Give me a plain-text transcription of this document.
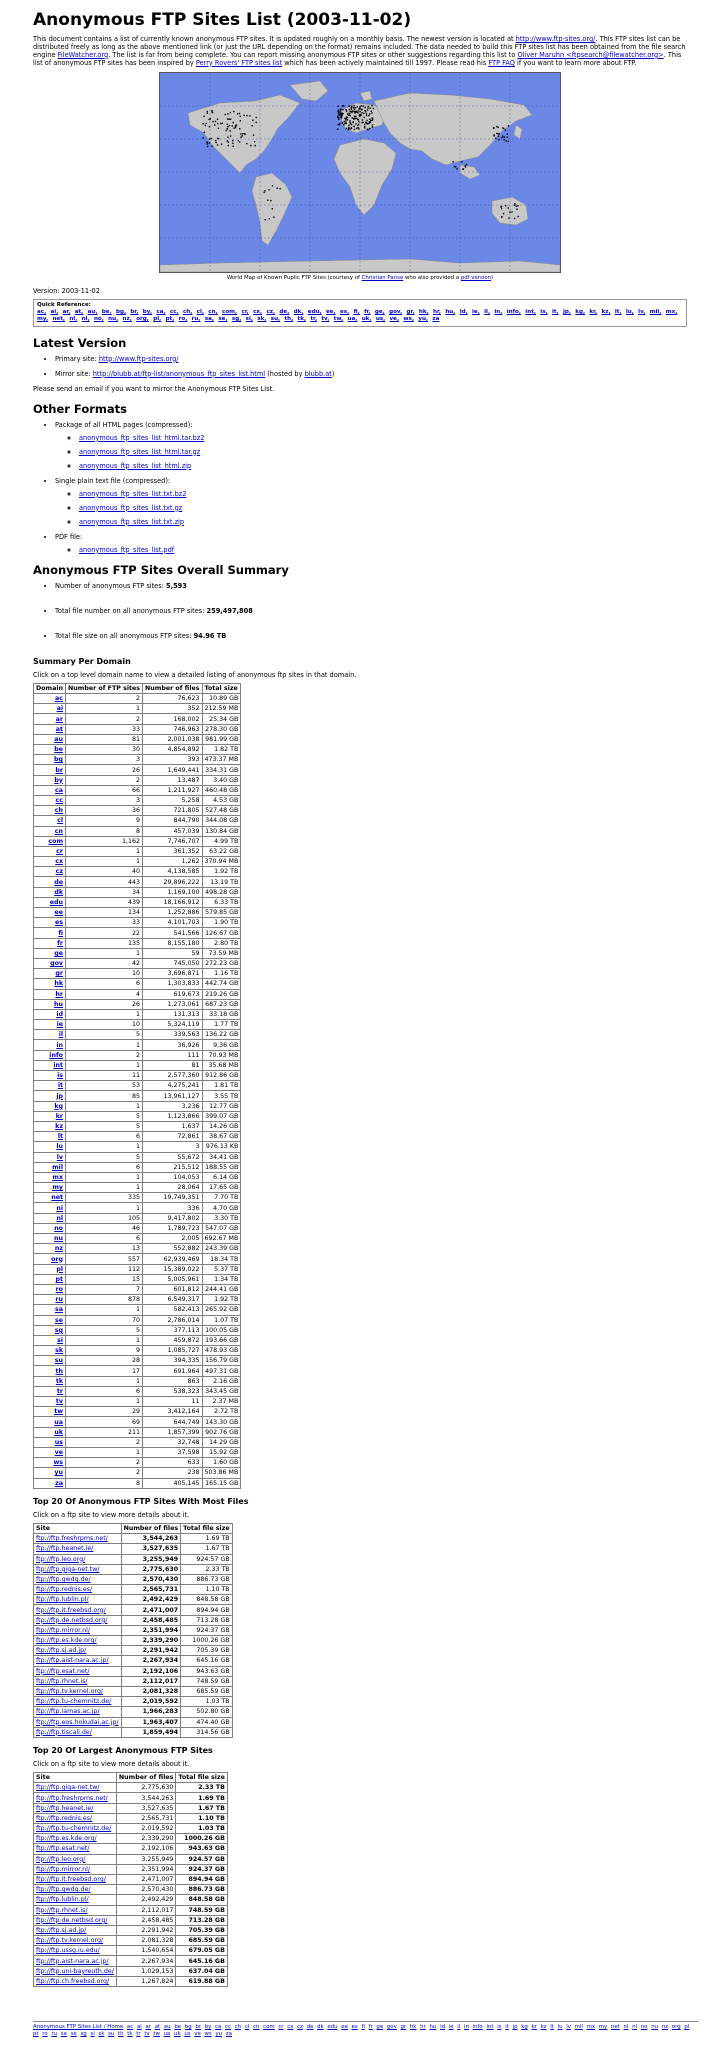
Anonymous FTP Sites List (2003-11-02)

This document contains a list of currently known anonymous FTP sites. It is updated roughly on a monthly basis. The newest version is located at http://www.ftp-sites.org/. This FTP sites list can be distributed freely as long as the above mentioned link (or just the URL depending on the format) remains included. The data needed to build this FTP sites list has been obtained from the file search engine FileWatcher.org. The list is far from being complete. You can report missing anonymous FTP sites or other suggestions regarding this list to Oliver Maruhn <ftpsearch@filewatcher.org>. This list of anonymous FTP sites has been inspired by Perry Rovers' FTP sites list which has been actively maintained till 1997. Please read his FTP FAQ if you want to learn more about FTP.

World Map of Known Puplic FTP Sites (courtesy of Christian Panse who also provided a pdf version)
Version: 2003-11-02
Quick Reference:
ac, ai, ar, at, au, be, bg, br, by, ca, cc, ch, cl, cn, com, cr, cx, cz, de, dk, edu, ee, es, fi, fr, ge, gov, gr, hk, hr, hu, id, ie, il, in, info, int, is, it, jp, kg, kr, kz, lt, lu, lv, mil, mx, my, net, nl, nl, no, nu, nz, org, pl, pt, ro, ru, sa, se, sg, si, sk, su, th, tk, tr, tv, tw, ua, uk, us, ve, ws, yu, za
Latest Version
• Primary site: http://www.ftp-sites.org/
• Mirror site: http://blubb.at/ftp-list/anonymous_ftp_sites_list.html (hosted by blubb.at)

Please send an email if you want to mirror the Anonymous FTP Sites List.

Other Formats
• Package of all HTML pages (compressed):
◦ anonymous_ftp_sites_list_html.tar.bz2
◦ anonymous_ftp_sites_list_html.tar.gz
◦ anonymous_ftp_sites_list_html.zip
• Single plain text file (compressed):
◦ anonymous_ftp_sites_list.txt.bz2
◦ anonymous_ftp_sites_list.txt.gz
◦ anonymous_ftp_sites_list.txt.zip
• PDF file:
◦ anonymous_ftp_sites_list.pdf
Anonymous FTP Sites Overall Summary
• Number of anonymous FTP sites: 5,593
• Total file number on all anonymous FTP sites: 259,497,808
• Total file size on all anonymous FTP sites: 94.96 TB
Summary Per Domain

Click on a top level domain name to view a detailed listing of anonymous ftp sites in that domain.

Domain	Number of FTP sites	Number of files	Total size
ac	2	76,623	10.89 GB
ai	1	352	212.59 MB
ar	2	168,002	25.34 GB
at	33	746,963	278.30 GB
au	81	2,001,038	981.99 GB
be	30	4,854,892	1.82 TB
bg	3	393	473.37 MB
br	26	1,649,441	334.31 GB
by	2	13,487	3.40 GB
ca	66	1,211,927	460.48 GB
cc	3	5,258	4.53 GB
ch	36	721,805	527.48 GB
cl	9	844,790	344.08 GB
cn	8	457,039	130.84 GB
com	1,162	7,746,707	4.99 TB
cr	1	361,352	63.22 GB
cx	1	1,262	370.94 MB
cz	40	4,138,585	1.92 TB
de	443	29,896,222	13.19 TB
dk	34	1,169,100	498.28 GB
edu	439	18,166,912	6.33 TB
ee	134	1,252,886	579.85 GB
es	33	4,101,703	1.90 TB
fi	22	541,566	126.67 GB
fr	135	8,155,180	2.80 TB
ge	1	59	73.59 MB
gov	42	745,050	272.23 GB
gr	10	3,696,871	1.16 TB
hk	6	1,303,833	442.74 GB
hr	4	619,673	219.26 GB
hu	26	1,273,061	687.23 GB
id	1	131,313	33.18 GB
ie	10	5,324,119	1.77 TB
il	5	339,563	136.22 GB
in	1	36,926	9.36 GB
info	2	111	70.93 MB
int	1	81	35.68 MB
is	11	2,577,360	912.86 GB
it	53	4,275,241	1.81 TB
jp	85	13,961,127	3.55 TB
kg	1	3,236	12.77 GB
kr	5	1,123,866	399.07 GB
kz	5	1,637	14.26 GB
lt	6	72,861	38.67 GB
lu	1	3	976.13 KB
lv	5	55,672	34.41 GB
mil	6	215,512	188.55 GB
mx	1	104,053	6.14 GB
my	1	28,064	17.65 GB
net	335	19,749,351	7.70 TB
ni	1	336	4.70 GB
nl	105	9,417,802	3.30 TB
no	46	1,789,723	547.07 GB
nu	6	2,005	692.67 MB
nz	13	552,882	243.39 GB
org	557	62,939,469	18.34 TB
pl	112	15,389,022	5.37 TB
pt	15	5,005,961	1.34 TB
ro	7	601,812	244.41 GB
ru	878	6,549,317	1.92 TB
sa	1	582,413	265.92 GB
se	70	2,786,014	1.07 TB
sg	5	377,113	100.05 GB
si	1	459,872	193.66 GB
sk	9	1,085,727	478.93 GB
su	28	394,335	156.79 GB
th	17	691,964	497.31 GB
tk	1	863	2.16 GB
tr	6	538,323	343.45 GB
tv	1	11	2.37 MB
tw	29	3,412,164	2.72 TB
ua	69	644,749	143.30 GB
uk	211	1,857,399	902.76 GB
us	2	32,748	14.29 GB
ve	1	37,598	15.92 GB
ws	2	633	1.60 GB
yu	2	238	503.86 MB
za	8	405,145	165.15 GB
Top 20 Of Anonymous FTP Sites With Most Files

Click on a ftp site to view more details about it.

Site	Number of files	Total file size
ftp://ftp.freshrpms.net/	3,544,263	1.69 TB
ftp://ftp.heanet.ie/	3,527,635	1.67 TB
ftp://ftp.leo.org/	3,255,949	924.57 GB
ftp://ftp.giga-net.tw/	2,775,630	2.33 TB
ftp://ftp.gwdg.de/	2,570,430	886.73 GB
ftp://ftp.rednis.es/	2,565,731	1.10 TB
ftp://ftp.lublin.pl/	2,492,429	848.58 GB
ftp://ftp.it.freebsd.org/	2,471,007	894.94 GB
ftp://ftp.de.netbsd.org/	2,458,485	713.28 GB
ftp://ftp.mirror.nl/	2,351,994	924.37 GB
ftp://ftp.es.kde.org/	2,339,290	1000.26 GB
ftp://ftp.sj.ad.jp/	2,291,942	705.39 GB
ftp://ftp.aist-nara.ac.jp/	2,267,934	645.16 GB
ftp://ftp.esat.net/	2,192,106	943.63 GB
ftp://ftp.rhnet.is/	2,112,017	748.59 GB
ftp://ftp.tv.kernel.org/	2,081,328	685.59 GB
ftp://ftp.tu-chemnitz.de/	2,019,592	1.03 TB
ftp://ftp.iamas.ac.jp/	1,966,283	502.80 GB
ftp://ftp.eos.hokudai.ac.jp/	1,963,407	474.40 GB
ftp://ftp.tiscali.de/	1,859,494	314.56 GB
Top 20 Of Largest Anonymous FTP Sites

Click on a ftp site to view more details about it.

Site	Number of files	Total file size
ftp://ftp.giga-net.tw/	2,775,630	2.33 TB
ftp://ftp.freshrpms.net/	3,544,263	1.69 TB
ftp://ftp.heanet.ie/	3,527,635	1.67 TB
ftp://ftp.rednis.es/	2,565,731	1.10 TB
ftp://ftp.tu-chemnitz.de/	2,019,592	1.03 TB
ftp://ftp.es.kde.org/	2,339,290	1000.26 GB
ftp://ftp.esat.net/	2,192,106	943.63 GB
ftp://ftp.leo.org/	3,255,949	924.57 GB
ftp://ftp.mirror.nl/	2,351,994	924.37 GB
ftp://ftp.it.freebsd.org/	2,471,007	894.94 GB
ftp://ftp.gwdg.de/	2,570,430	886.73 GB
ftp://ftp.lublin.pl/	2,492,429	848.58 GB
ftp://ftp.rhnet.is/	2,112,017	748.59 GB
ftp://ftp.de.netbsd.org/	2,458,485	713.28 GB
ftp://ftp.sj.ad.jp/	2,291,942	705.39 GB
ftp://ftp.tv.kernel.org/	2,081,328	685.59 GB
ftp://ftp.ussg.iu.edu/	1,540,654	679.05 GB
ftp://ftp.aist-nara.ac.jp/	2,267,934	645.16 GB
ftp://ftp.uni-bayreuth.de/	1,029,153	637.04 GB
ftp://ftp.ch.freebsd.org/	1,267,824	619.88 GB
Anonymous FTP Sites List / Home ac ai ar at au be bg br by ca cc ch cl cn com cr cx cz de dk edu ee es fi fr ge gov gr hk hr hu id ie il in info int is it jp kg kr kz lt lu lv mil mx my net nl nl no nu nz org pl pt ro ru sa se sg si sk su th tk tr tv tw ua uk us ve ws yu za
